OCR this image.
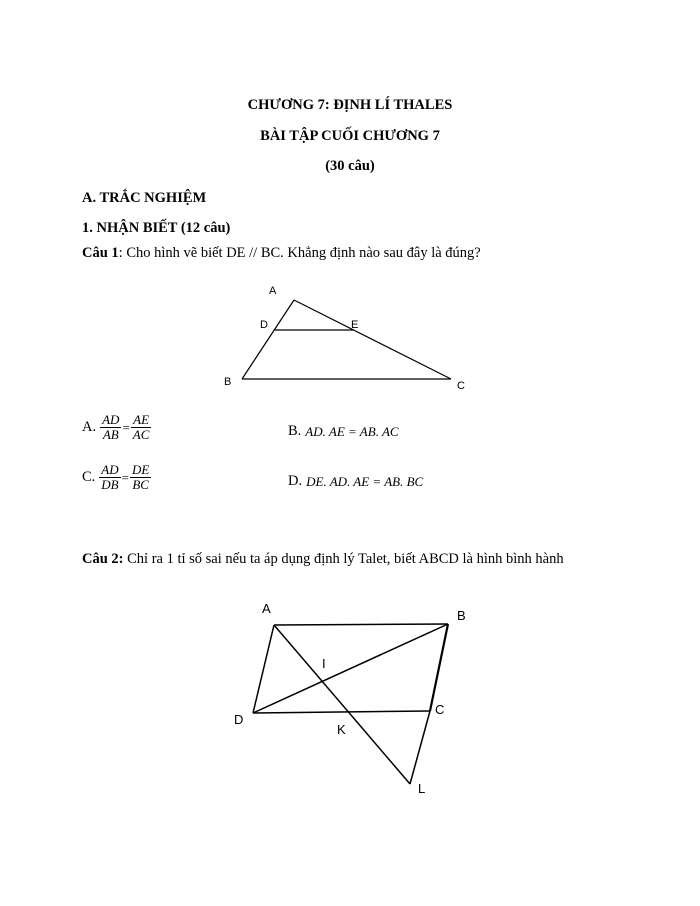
CHƯƠNG 7: ĐỊNH LÍ THALES
BÀI TẬP CUỐI CHƯƠNG 7
(30 câu)
A. TRẮC NGHIỆM
1. NHẬN BIẾT (12 câu)
Câu 1: Cho hình vẽ biết DE // BC. Khẳng định nào sau đây là đúng?
A
D	E
B	C
A. $\frac{AD}{AB} = \frac{AE}{AC}$	B. AD. AE = AB. AC
C. $\frac{AD}{DB} = \frac{DE}{BC}$	D. DE. AD. AE = AB. BC
Câu 2: Chỉ ra 1 tỉ số sai nếu ta áp dụng định lý Talet, biết ABCD là hình bình hành
A	B
I
D
C
K
L
